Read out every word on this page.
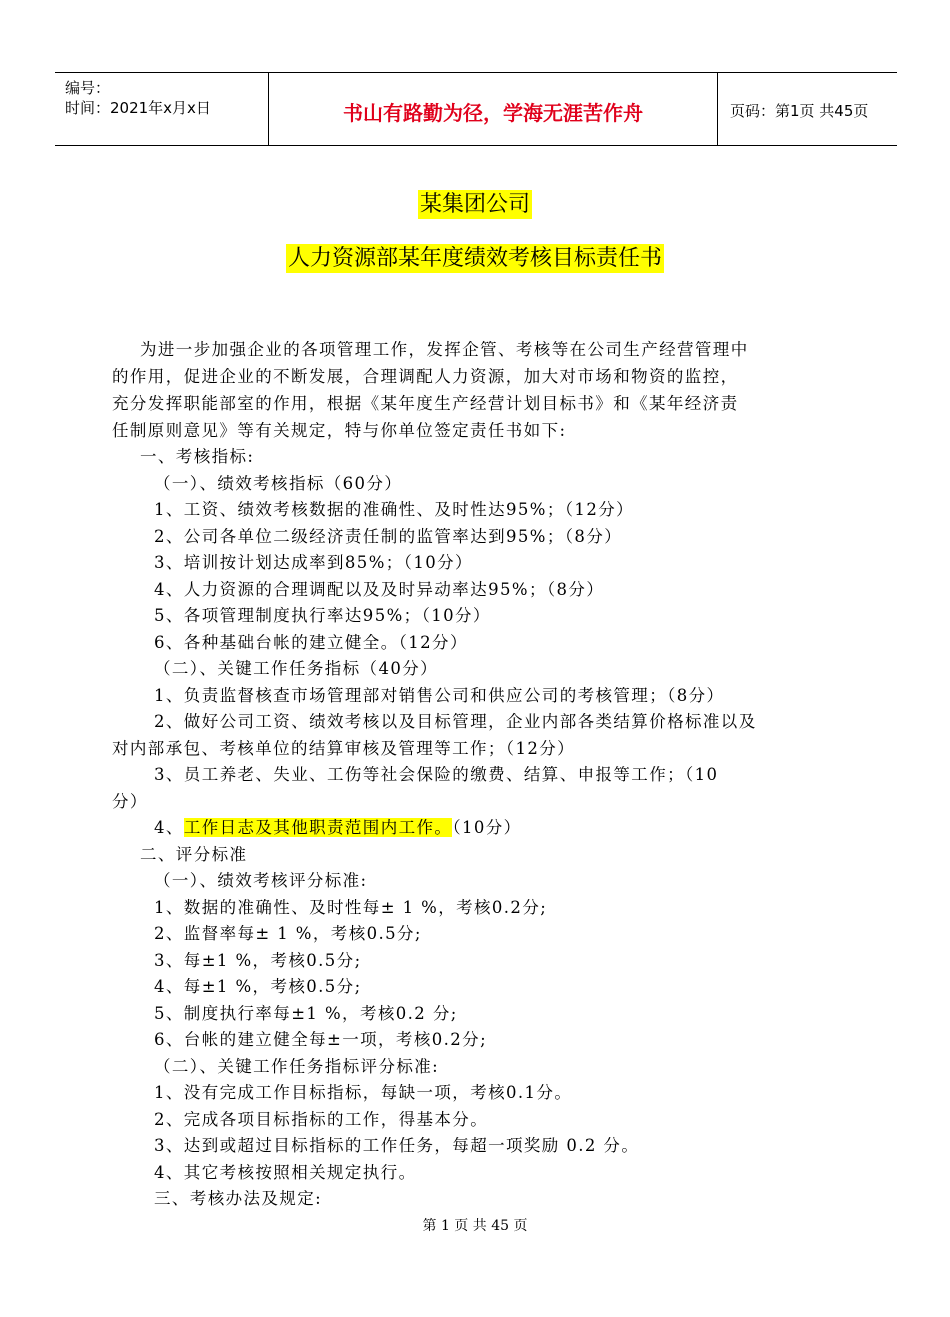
编号：
时间：2021年x月x日	书山有路勤为径，学海无涯苦作舟	页码：第1页 共45页
某集团公司
人力资源部某年度绩效考核目标责任书
为进一步加强企业的各项管理工作，发挥企管、考核等在公司生产经营管理中
的作用，促进企业的不断发展，合理调配人力资源，加大对市场和物资的监控，
充分发挥职能部室的作用，根据《某年度生产经营计划目标书》和《某年经济责
任制原则意见》等有关规定，特与你单位签定责任书如下:
一、考核指标:
（一）、绩效考核指标（60分）
1、工资、绩效考核数据的准确性、及时性达95%；（12分）
2、公司各单位二级经济责任制的监管率达到95%；（8分）
3、培训按计划达成率到85%；（10分）
4、人力资源的合理调配以及及时异动率达95%；（8分）
5、各项管理制度执行率达95%；（10分）
6、各种基础台帐的建立健全。（12分）
（二）、关键工作任务指标（40分）
1、负责监督核查市场管理部对销售公司和供应公司的考核管理；（8分）
2、做好公司工资、绩效考核以及目标管理，企业内部各类结算价格标准以及
对内部承包、考核单位的结算审核及管理等工作；（12分）
3、员工养老、失业、工伤等社会保险的缴费、结算、申报等工作；（10
分）
4、工作日志及其他职责范围内工作。（10分）
二、评分标准
（一）、绩效考核评分标准:
1、数据的准确性、及时性每± 1 %，考核0.2分;
2、监督率每± 1 %，考核0.5分;
3、每±1 %，考核0.5分;
4、每±1 %，考核0.5分;
5、制度执行率每±1 %，考核0.2 分;
6、台帐的建立健全每±一项，考核0.2分;
（二）、关键工作任务指标评分标准:
1、没有完成工作目标指标，每缺一项，考核0.1分。
2、完成各项目标指标的工作，得基本分。
3、达到或超过目标指标的工作任务，每超一项奖励 0.2 分。
4、其它考核按照相关规定执行。
三、考核办法及规定:
第 1 页 共 45 页
